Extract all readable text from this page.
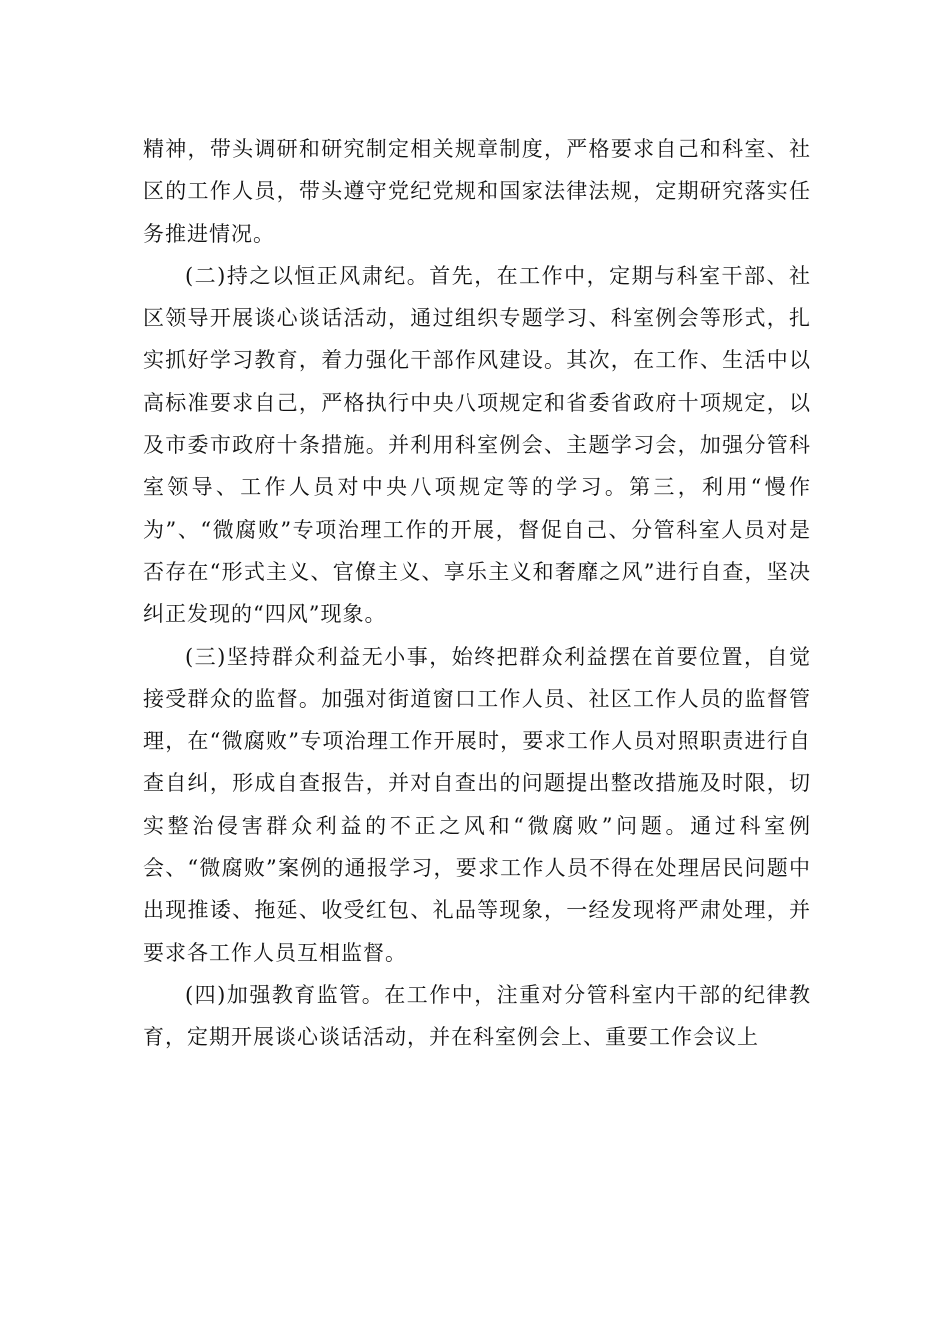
精神，带头调研和研究制定相关规章制度，严格要求自己和科室、社区的工作人员，带头遵守党纪党规和国家法律法规，定期研究落实任务推进情况。

(二)持之以恒正风肃纪。首先，在工作中，定期与科室干部、社区领导开展谈心谈话活动，通过组织专题学习、科室例会等形式，扎实抓好学习教育，着力强化干部作风建设。其次，在工作、生活中以高标准要求自己，严格执行中央八项规定和省委省政府十项规定，以及市委市政府十条措施。并利用科室例会、主题学习会，加强分管科室领导、工作人员对中央八项规定等的学习。第三，利用“慢作为”、“微腐败”专项治理工作的开展，督促自己、分管科室人员对是否存在“形式主义、官僚主义、享乐主义和奢靡之风”进行自查，坚决纠正发现的“四风”现象。

(三)坚持群众利益无小事，始终把群众利益摆在首要位置，自觉接受群众的监督。加强对街道窗口工作人员、社区工作人员的监督管理，在“微腐败”专项治理工作开展时，要求工作人员对照职责进行自查自纠，形成自查报告，并对自查出的问题提出整改措施及时限，切实整治侵害群众利益的不正之风和“微腐败”问题。通过科室例会、“微腐败”案例的通报学习，要求工作人员不得在处理居民问题中出现推诿、拖延、收受红包、礼品等现象，一经发现将严肃处理，并要求各工作人员互相监督。

(四)加强教育监管。在工作中，注重对分管科室内干部的纪律教育，定期开展谈心谈话活动，并在科室例会上、重要工作会议上
